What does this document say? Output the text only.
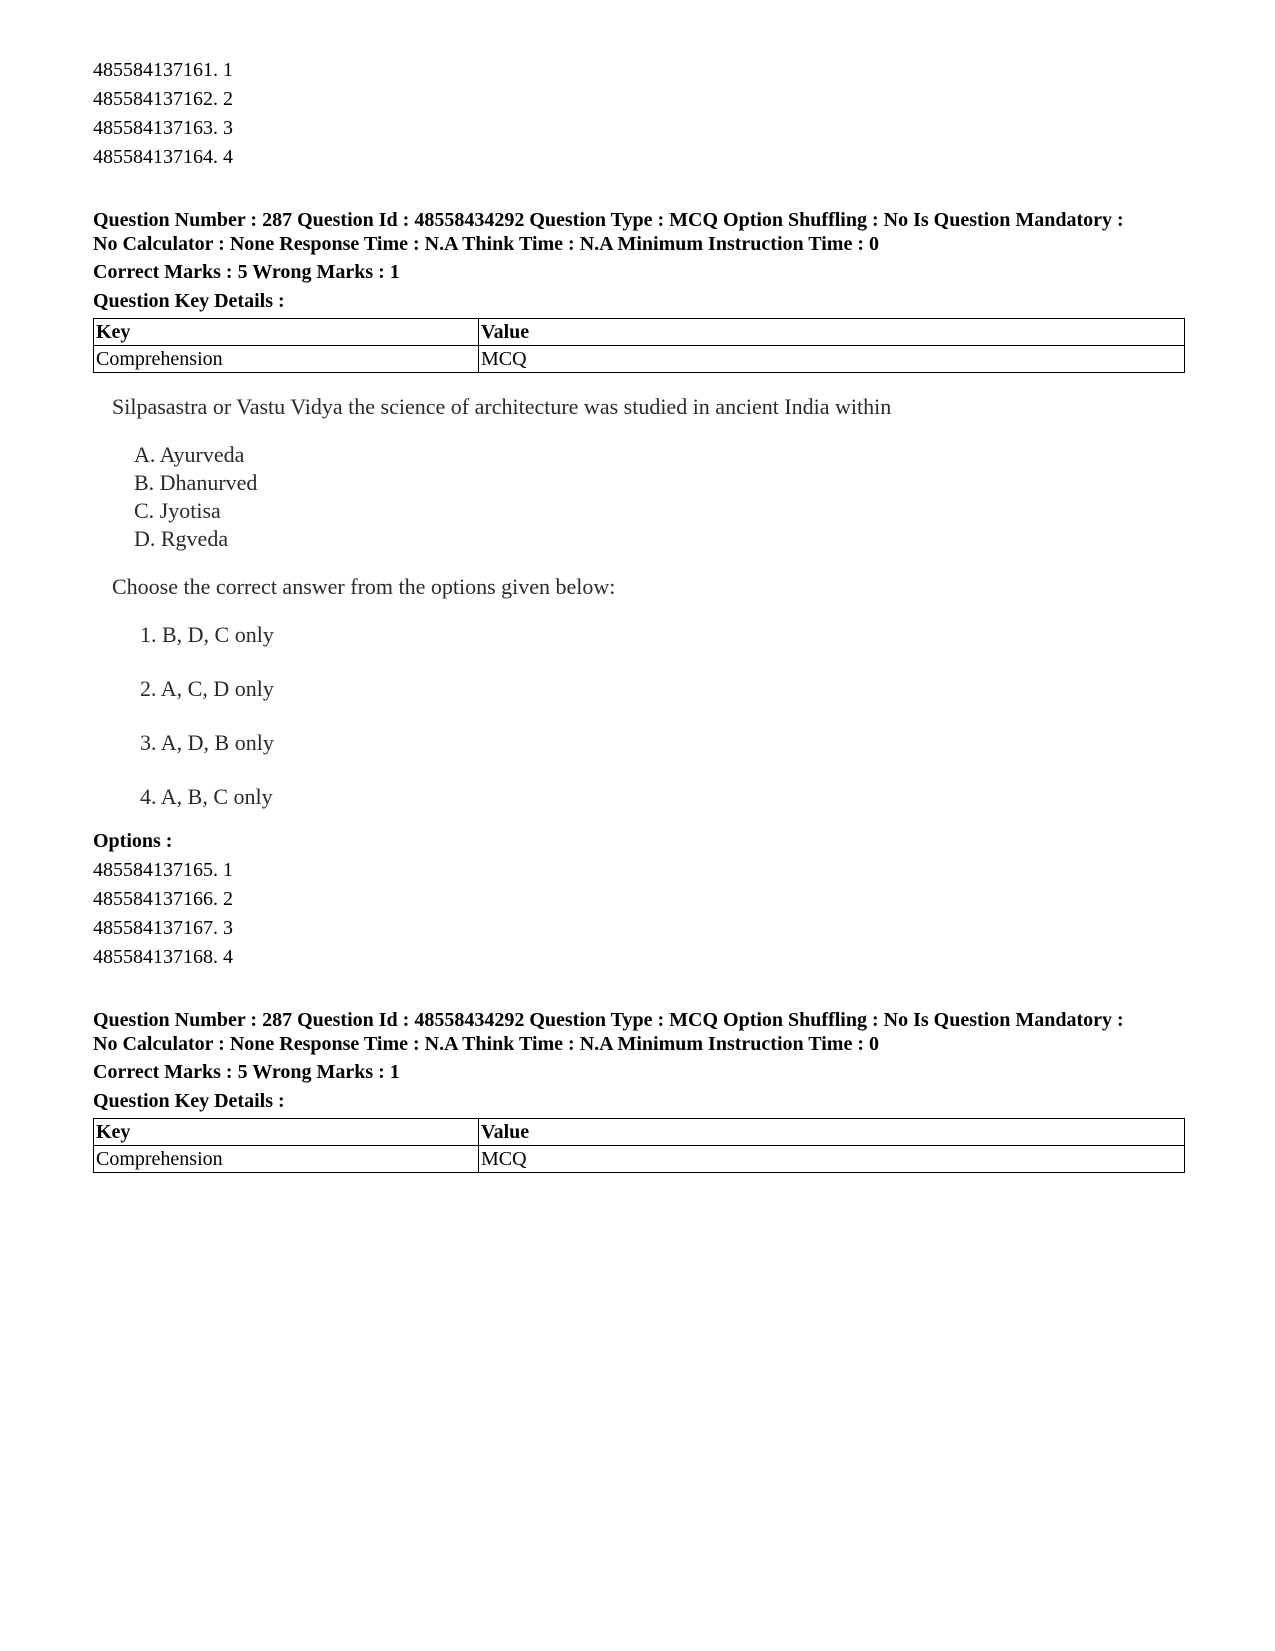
485584137161. 1
485584137162. 2
485584137163. 3
485584137164. 4
Question Number : 287 Question Id : 48558434292 Question Type : MCQ Option Shuffling : No Is Question Mandatory :
No Calculator : None Response Time : N.A Think Time : N.A Minimum Instruction Time : 0
Correct Marks : 5 Wrong Marks : 1
Question Key Details :
Key	Value
Comprehension	MCQ
Silpasastra or Vastu Vidya the science of architecture was studied in ancient India within
A. Ayurveda
B. Dhanurved
C. Jyotisa
D. Rgveda
Choose the correct answer from the options given below:
1. B, D, C only
2. A, C, D only
3. A, D, B only
4. A, B, C only
Options :
485584137165. 1
485584137166. 2
485584137167. 3
485584137168. 4
Question Number : 287 Question Id : 48558434292 Question Type : MCQ Option Shuffling : No Is Question Mandatory :
No Calculator : None Response Time : N.A Think Time : N.A Minimum Instruction Time : 0
Correct Marks : 5 Wrong Marks : 1
Question Key Details :
Key	Value
Comprehension	MCQ
